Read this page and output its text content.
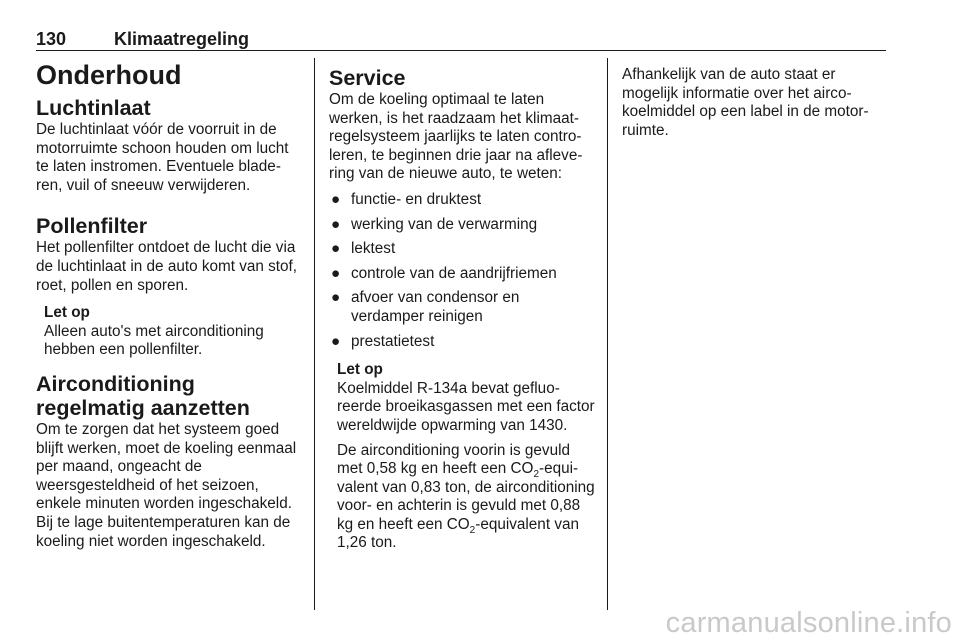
130	Klimaatregeling
Onderhoud
Luchtinlaat

De luchtinlaat vóór de voorruit in de motorruimte schoon houden om lucht te laten instromen. Eventuele bladeren, vuil of sneeuw verwijderen.

Pollenfilter

Het pollenfilter ontdoet de lucht die via de luchtinlaat in de auto komt van stof, roet, pollen en sporen.

Let op
Alleen auto's met airconditioning hebben een pollenfilter.
Airconditioning regelmatig aanzetten

Om te zorgen dat het systeem goed blijft werken, moet de koeling eenmaal per maand, ongeacht de weersgesteldheid of het seizoen, enkele minuten worden ingeschakeld. Bij te lage buitentemperaturen kan de koeling niet worden ingeschakeld.

Service

Om de koeling optimaal te laten werken, is het raadzaam het klimaatregelsysteem jaarlijks te laten controleren, te beginnen drie jaar na aflevering van de nieuwe auto, te weten:

● functie- en druktest
● werking van de verwarming
● lektest
● controle van de aandrijfriemen
● afvoer van condensor en verdamper reinigen
● prestatietest
Let op
Koelmiddel R-134a bevat gefluoreerde broeikasgassen met een factor wereldwijde opwarming van 1430.

De airconditioning voorin is gevuld met 0,58 kg en heeft een $CO_2$-equivalent van 0,83 ton, de airconditioning voor- en achterin is gevuld met 0,88 kg en heeft een $CO_2$-equivalent van 1,26 ton.

Afhankelijk van de auto staat er mogelijk informatie over het aircokoelmiddel op een label in de motorruimte.

carmanualsonline.info
